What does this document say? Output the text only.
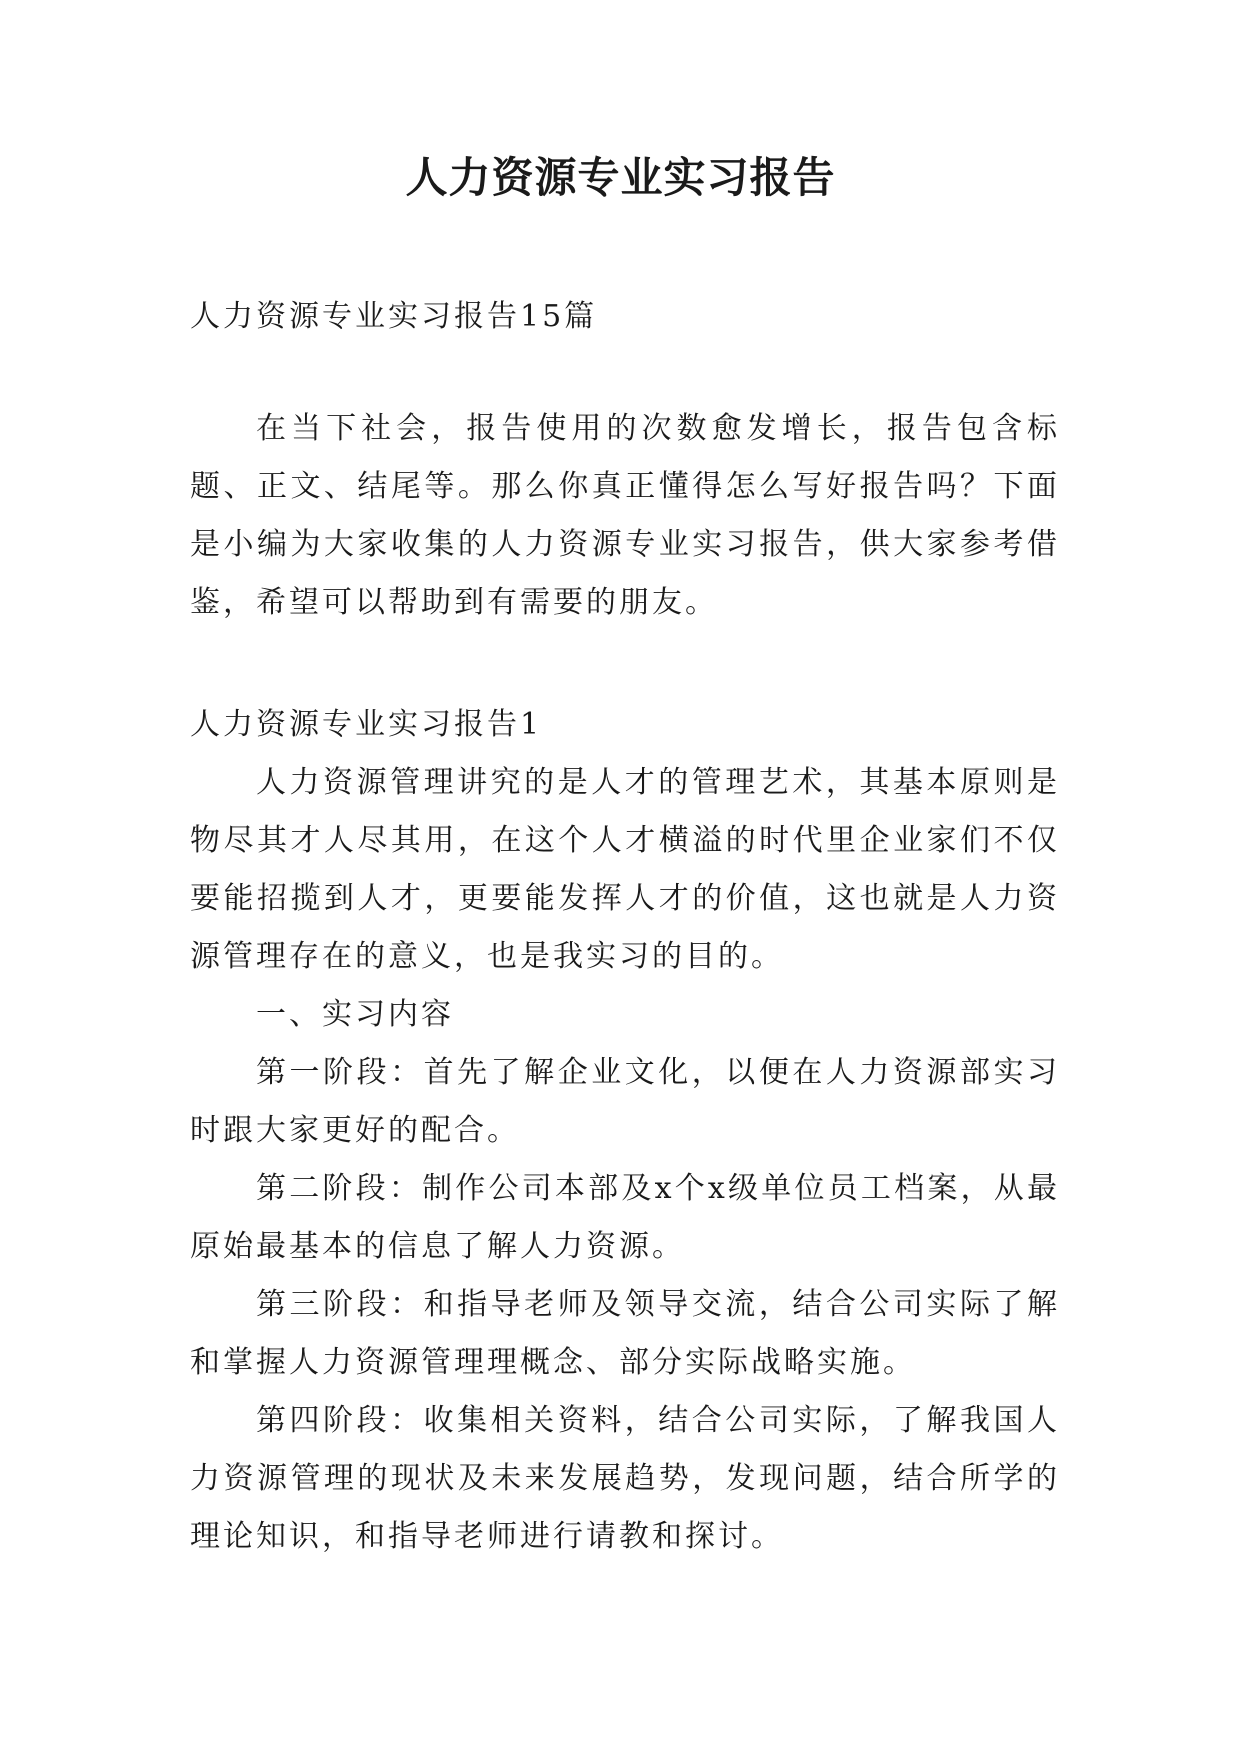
人力资源专业实习报告

人力资源专业实习报告15篇

在当下社会，报告使用的次数愈发增长，报告包含标题、正文、结尾等。那么你真正懂得怎么写好报告吗？下面是小编为大家收集的人力资源专业实习报告，供大家参考借鉴，希望可以帮助到有需要的朋友。

人力资源专业实习报告1

人力资源管理讲究的是人才的管理艺术，其基本原则是物尽其才人尽其用，在这个人才横溢的时代里企业家们不仅要能招揽到人才，更要能发挥人才的价值，这也就是人力资源管理存在的意义，也是我实习的目的。

一、实习内容

第一阶段：首先了解企业文化，以便在人力资源部实习时跟大家更好的配合。

第二阶段：制作公司本部及x个x级单位员工档案，从最原始最基本的信息了解人力资源。

第三阶段：和指导老师及领导交流，结合公司实际了解和掌握人力资源管理理概念、部分实际战略实施。

第四阶段：收集相关资料，结合公司实际，了解我国人力资源管理的现状及未来发展趋势，发现问题，结合所学的理论知识，和指导老师进行请教和探讨。
